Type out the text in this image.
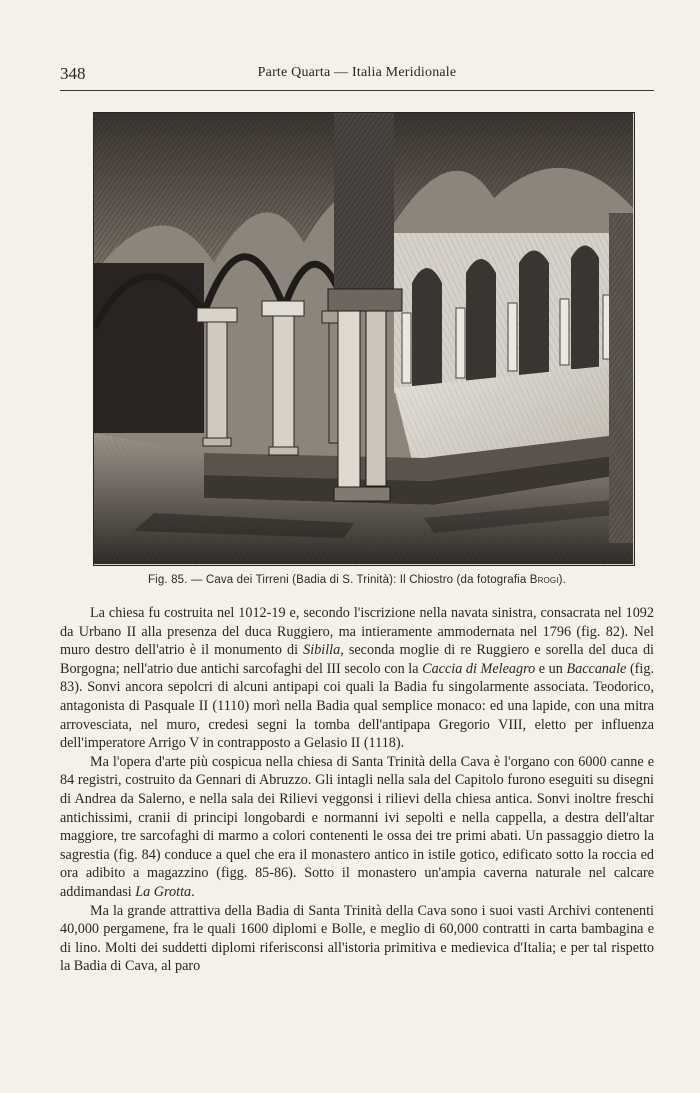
348	Parte Quarta — Italia Meridionale
Fig. 85. — Cava dei Tirreni (Badia di S. Trinità): Il Chiostro (da fotografia Brogi).

La chiesa fu costruita nel 1012-19 e, secondo l'iscrizione nella navata sinistra, consacrata nel 1092 da Urbano II alla presenza del duca Ruggiero, ma intieramente ammodernata nel 1796 (fig. 82). Nel muro destro dell'atrio è il monumento di Sibilla, seconda moglie di re Ruggiero e sorella del duca di Borgogna; nell'atrio due antichi sarcofaghi del III secolo con la Caccia di Meleagro e un Baccanale (fig. 83). Sonvi ancora sepolcri di alcuni antipapi coi quali la Badia fu singolarmente associata. Teodorico, antagonista di Pasquale II (1110) morì nella Badia qual semplice monaco: ed una lapide, con una mitra arrovesciata, nel muro, credesi segni la tomba dell'antipapa Gregorio VIII, eletto per influenza dell'imperatore Arrigo V in contrapposto a Gelasio II (1118).

Ma l'opera d'arte più cospicua nella chiesa di Santa Trinità della Cava è l'organo con 6000 canne e 84 registri, costruito da Gennari di Abruzzo. Gli intagli nella sala del Capitolo furono eseguiti su disegni di Andrea da Salerno, e nella sala dei Rilievi veggonsi i rilievi della chiesa antica. Sonvi inoltre freschi antichissimi, cranii di principi longobardi e normanni ivi sepolti e nella cappella, a destra dell'altar maggiore, tre sarcofaghi di marmo a colori contenenti le ossa dei tre primi abati. Un passaggio dietro la sagrestia (fig. 84) conduce a quel che era il monastero antico in istile gotico, edificato sotto la roccia ed ora adibito a magazzino (figg. 85-86). Sotto il monastero un'ampia caverna naturale nel calcare addimandasi La Grotta.

Ma la grande attrattiva della Badia di Santa Trinità della Cava sono i suoi vasti Archivi contenenti 40,000 pergamene, fra le quali 1600 diplomi e Bolle, e meglio di 60,000 contratti in carta bambagina e di lino. Molti dei suddetti diplomi riferisconsi all'istoria primitiva e medievica d'Italia; e per tal rispetto la Badia di Cava, al paro
